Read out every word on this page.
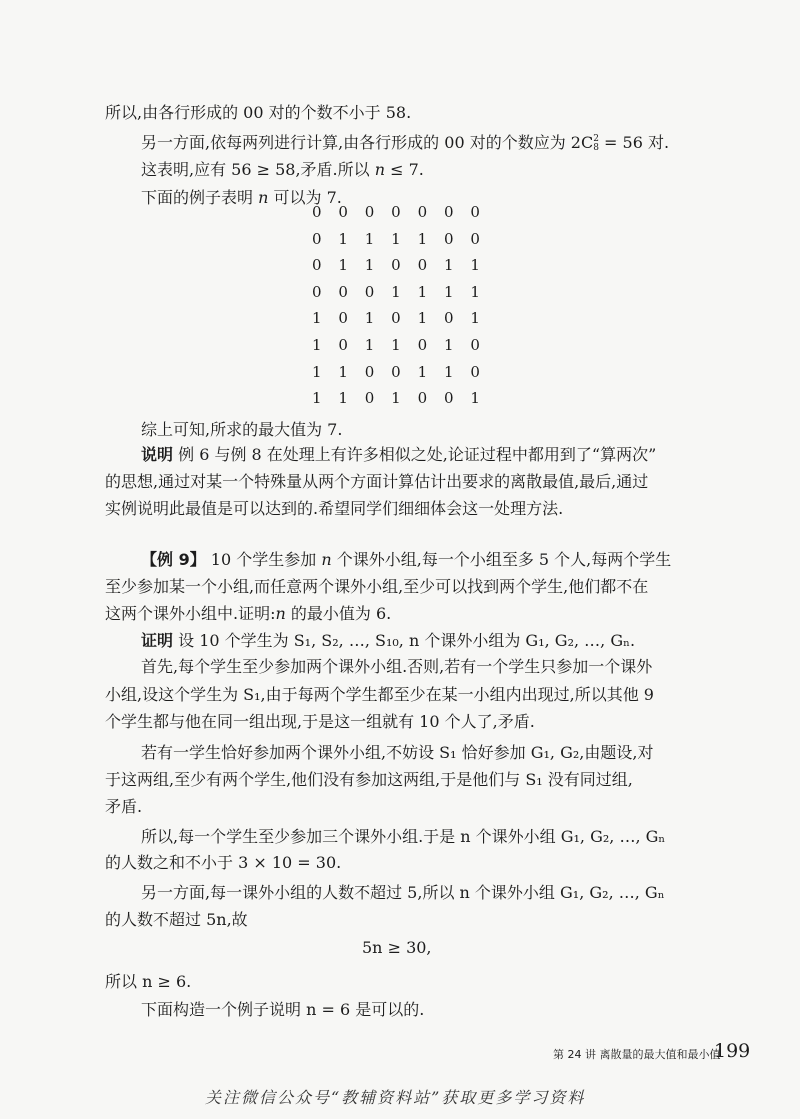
所以,由各行形成的 00 对的个数不小于 58.

另一方面,依每两列进行计算,由各行形成的 00 对的个数应为 2C 2
8 = 56 对.

这表明,应有 56 ≥ 58,矛盾.所以 n ≤ 7.

下面的例子表明 n 可以为 7.

0	0	0	0	0	0	0
0	1	1	1	1	0	0
0	1	1	0	0	1	1
0	0	0	1	1	1	1
1	0	1	0	1	0	1
1	0	1	1	0	1	0
1	1	0	0	1	1	0
1	1	0	1	0	0	1

综上可知,所求的最大值为 7.

说明 例 6 与例 8 在处理上有许多相似之处,论证过程中都用到了“算两次”

的思想,通过对某一个特殊量从两个方面计算估计出要求的离散最值,最后,通过

实例说明此最值是可以达到的.希望同学们细细体会这一处理方法.

【例 9】 10 个学生参加 n 个课外小组,每一个小组至多 5 个人,每两个学生

至少参加某一个小组,而任意两个课外小组,至少可以找到两个学生,他们都不在

这两个课外小组中.证明:n 的最小值为 6.

证明 设 10 个学生为 S₁, S₂, …, S₁₀, n 个课外小组为 G₁, G₂, …, Gₙ.

首先,每个学生至少参加两个课外小组.否则,若有一个学生只参加一个课外

小组,设这个学生为 S₁,由于每两个学生都至少在某一小组内出现过,所以其他 9

个学生都与他在同一组出现,于是这一组就有 10 个人了,矛盾.

若有一学生恰好参加两个课外小组,不妨设 S₁ 恰好参加 G₁, G₂,由题设,对

于这两组,至少有两个学生,他们没有参加这两组,于是他们与 S₁ 没有同过组,

矛盾.

所以,每一个学生至少参加三个课外小组.于是 n 个课外小组 G₁, G₂, …, Gₙ

的人数之和不小于 3 × 10 = 30.

另一方面,每一课外小组的人数不超过 5,所以 n 个课外小组 G₁, G₂, …, Gₙ

的人数不超过 5n,故

5n ≥ 30,

所以 n ≥ 6.

下面构造一个例子说明 n = 6 是可以的.

第 24 讲 离散量的最大值和最小值
199
关注微信公众号“教辅资料站”获取更多学习资料
